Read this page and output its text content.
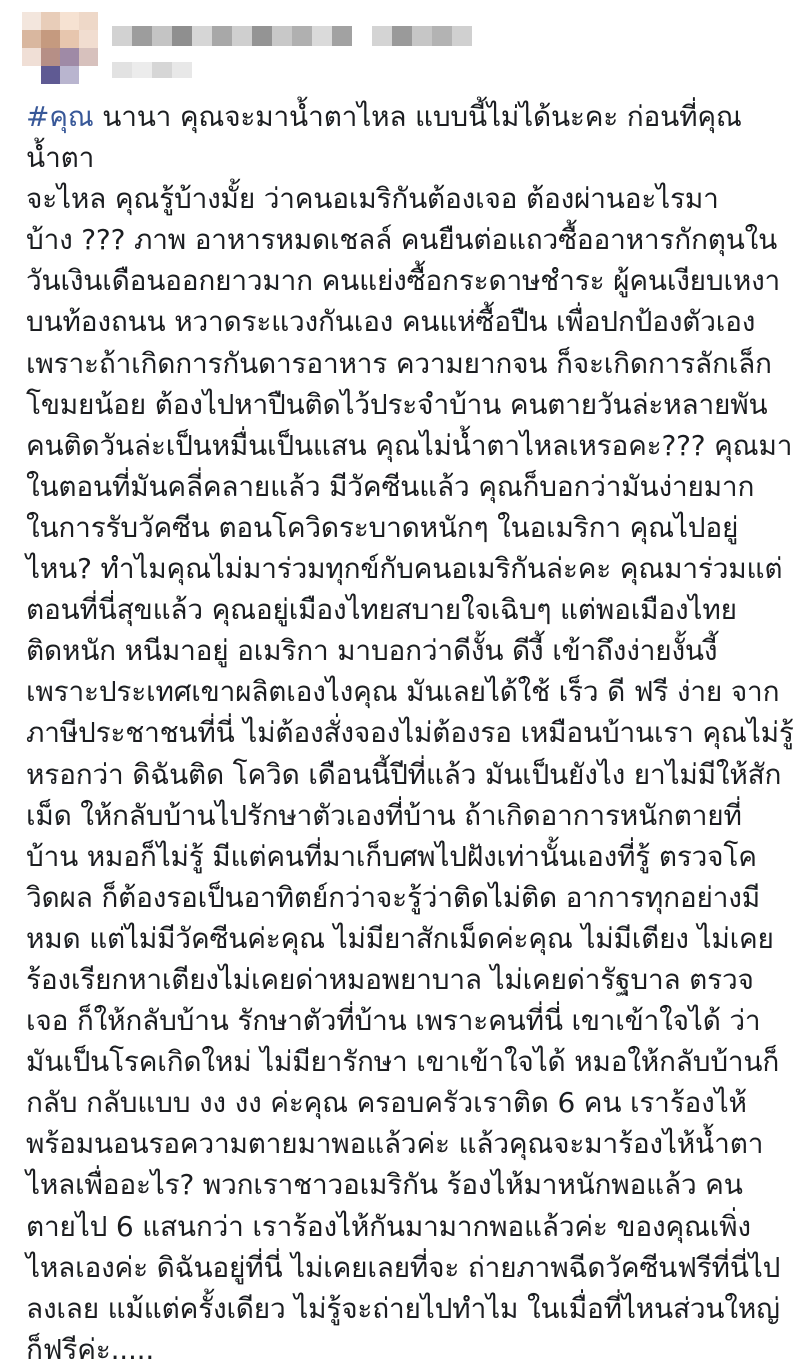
#คุณ นานา คุณจะมาน้ำตาไหล แบบนี้ไม่ได้นะคะ ก่อนที่คุณน้ำตา
จะไหล คุณรู้บ้างมั้ย ว่าคนอเมริกันต้องเจอ ต้องผ่านอะไรมา
บ้าง ??? ภาพ อาหารหมดเชลล์ คนยืนต่อแถวซื้ออาหารกักตุนใน
วันเงินเดือนออกยาวมาก คนแย่งซื้อกระดาษชำระ ผู้คนเงียบเหงา
บนท้องถนน หวาดระแวงกันเอง คนแห่ซื้อปืน เพื่อปกป้องตัวเอง
เพราะถ้าเกิดการกันดารอาหาร ความยากจน ก็จะเกิดการลักเล็ก
โขมยน้อย ต้องไปหาปืนติดไว้ประจำบ้าน คนตายวันล่ะหลายพัน
คนติดวันล่ะเป็นหมื่นเป็นแสน คุณไม่น้ำตาไหลเหรอคะ??? คุณมา
ในตอนที่มันคลี่คลายแล้ว มีวัคซีนแล้ว คุณก็บอกว่ามันง่ายมาก
ในการรับวัคซีน ตอนโควิดระบาดหนักๆ ในอเมริกา คุณไปอยู่
ไหน? ทำไมคุณไม่มาร่วมทุกข์กับคนอเมริกันล่ะคะ คุณมาร่วมแต่
ตอนที่นี่สุขแล้ว คุณอยู่เมืองไทยสบายใจเฉิบๆ แต่พอเมืองไทย
ติดหนัก หนีมาอยู่ อเมริกา มาบอกว่าดีงั้น ดีงี้ เข้าถึงง่ายงั้นงี้
เพราะประเทศเขาผลิตเองไงคุณ มันเลยได้ใช้ เร็ว ดี ฟรี ง่าย จาก
ภาษีประชาชนที่นี่ ไม่ต้องสั่งจองไม่ต้องรอ เหมือนบ้านเรา คุณไม่รู้
หรอกว่า ดิฉันติด โควิด เดือนนี้ปีที่แล้ว มันเป็นยังไง ยาไม่มีให้สัก
เม็ด ให้กลับบ้านไปรักษาตัวเองที่บ้าน ถ้าเกิดอาการหนักตายที่
บ้าน หมอก็ไม่รู้ มีแต่คนที่มาเก็บศพไปฝังเท่านั้นเองที่รู้ ตรวจโค
วิดผล ก็ต้องรอเป็นอาทิตย์กว่าจะรู้ว่าติดไม่ติด อาการทุกอย่างมี
หมด แต่ไม่มีวัคซีนค่ะคุณ ไม่มียาสักเม็ดค่ะคุณ ไม่มีเตียง ไม่เคย
ร้องเรียกหาเตียงไม่เคยด่าหมอพยาบาล ไม่เคยด่ารัฐบาล ตรวจ
เจอ ก็ให้กลับบ้าน รักษาตัวที่บ้าน เพราะคนที่นี่ เขาเข้าใจได้ ว่า
มันเป็นโรคเกิดใหม่ ไม่มียารักษา เขาเข้าใจได้ หมอให้กลับบ้านก็
กลับ กลับแบบ งง งง ค่ะคุณ ครอบครัวเราติด 6 คน เราร้องไห้
พร้อมนอนรอความตายมาพอแล้วค่ะ แล้วคุณจะมาร้องไห้น้ำตา
ไหลเพื่ออะไร? พวกเราชาวอเมริกัน ร้องไห้มาหนักพอแล้ว คน
ตายไป 6 แสนกว่า เราร้องไห้กันมามากพอแล้วค่ะ ของคุณเพิ่ง
ไหลเองค่ะ ดิฉันอยู่ที่นี่ ไม่เคยเลยที่จะ ถ่ายภาพฉีดวัคซีนฟรีที่นี่ไป
ลงเลย แม้แต่ครั้งเดียว ไม่รู้จะถ่ายไปทำไม ในเมื่อที่ไหนส่วนใหญ่
ก็ฟรีค่ะ.....
